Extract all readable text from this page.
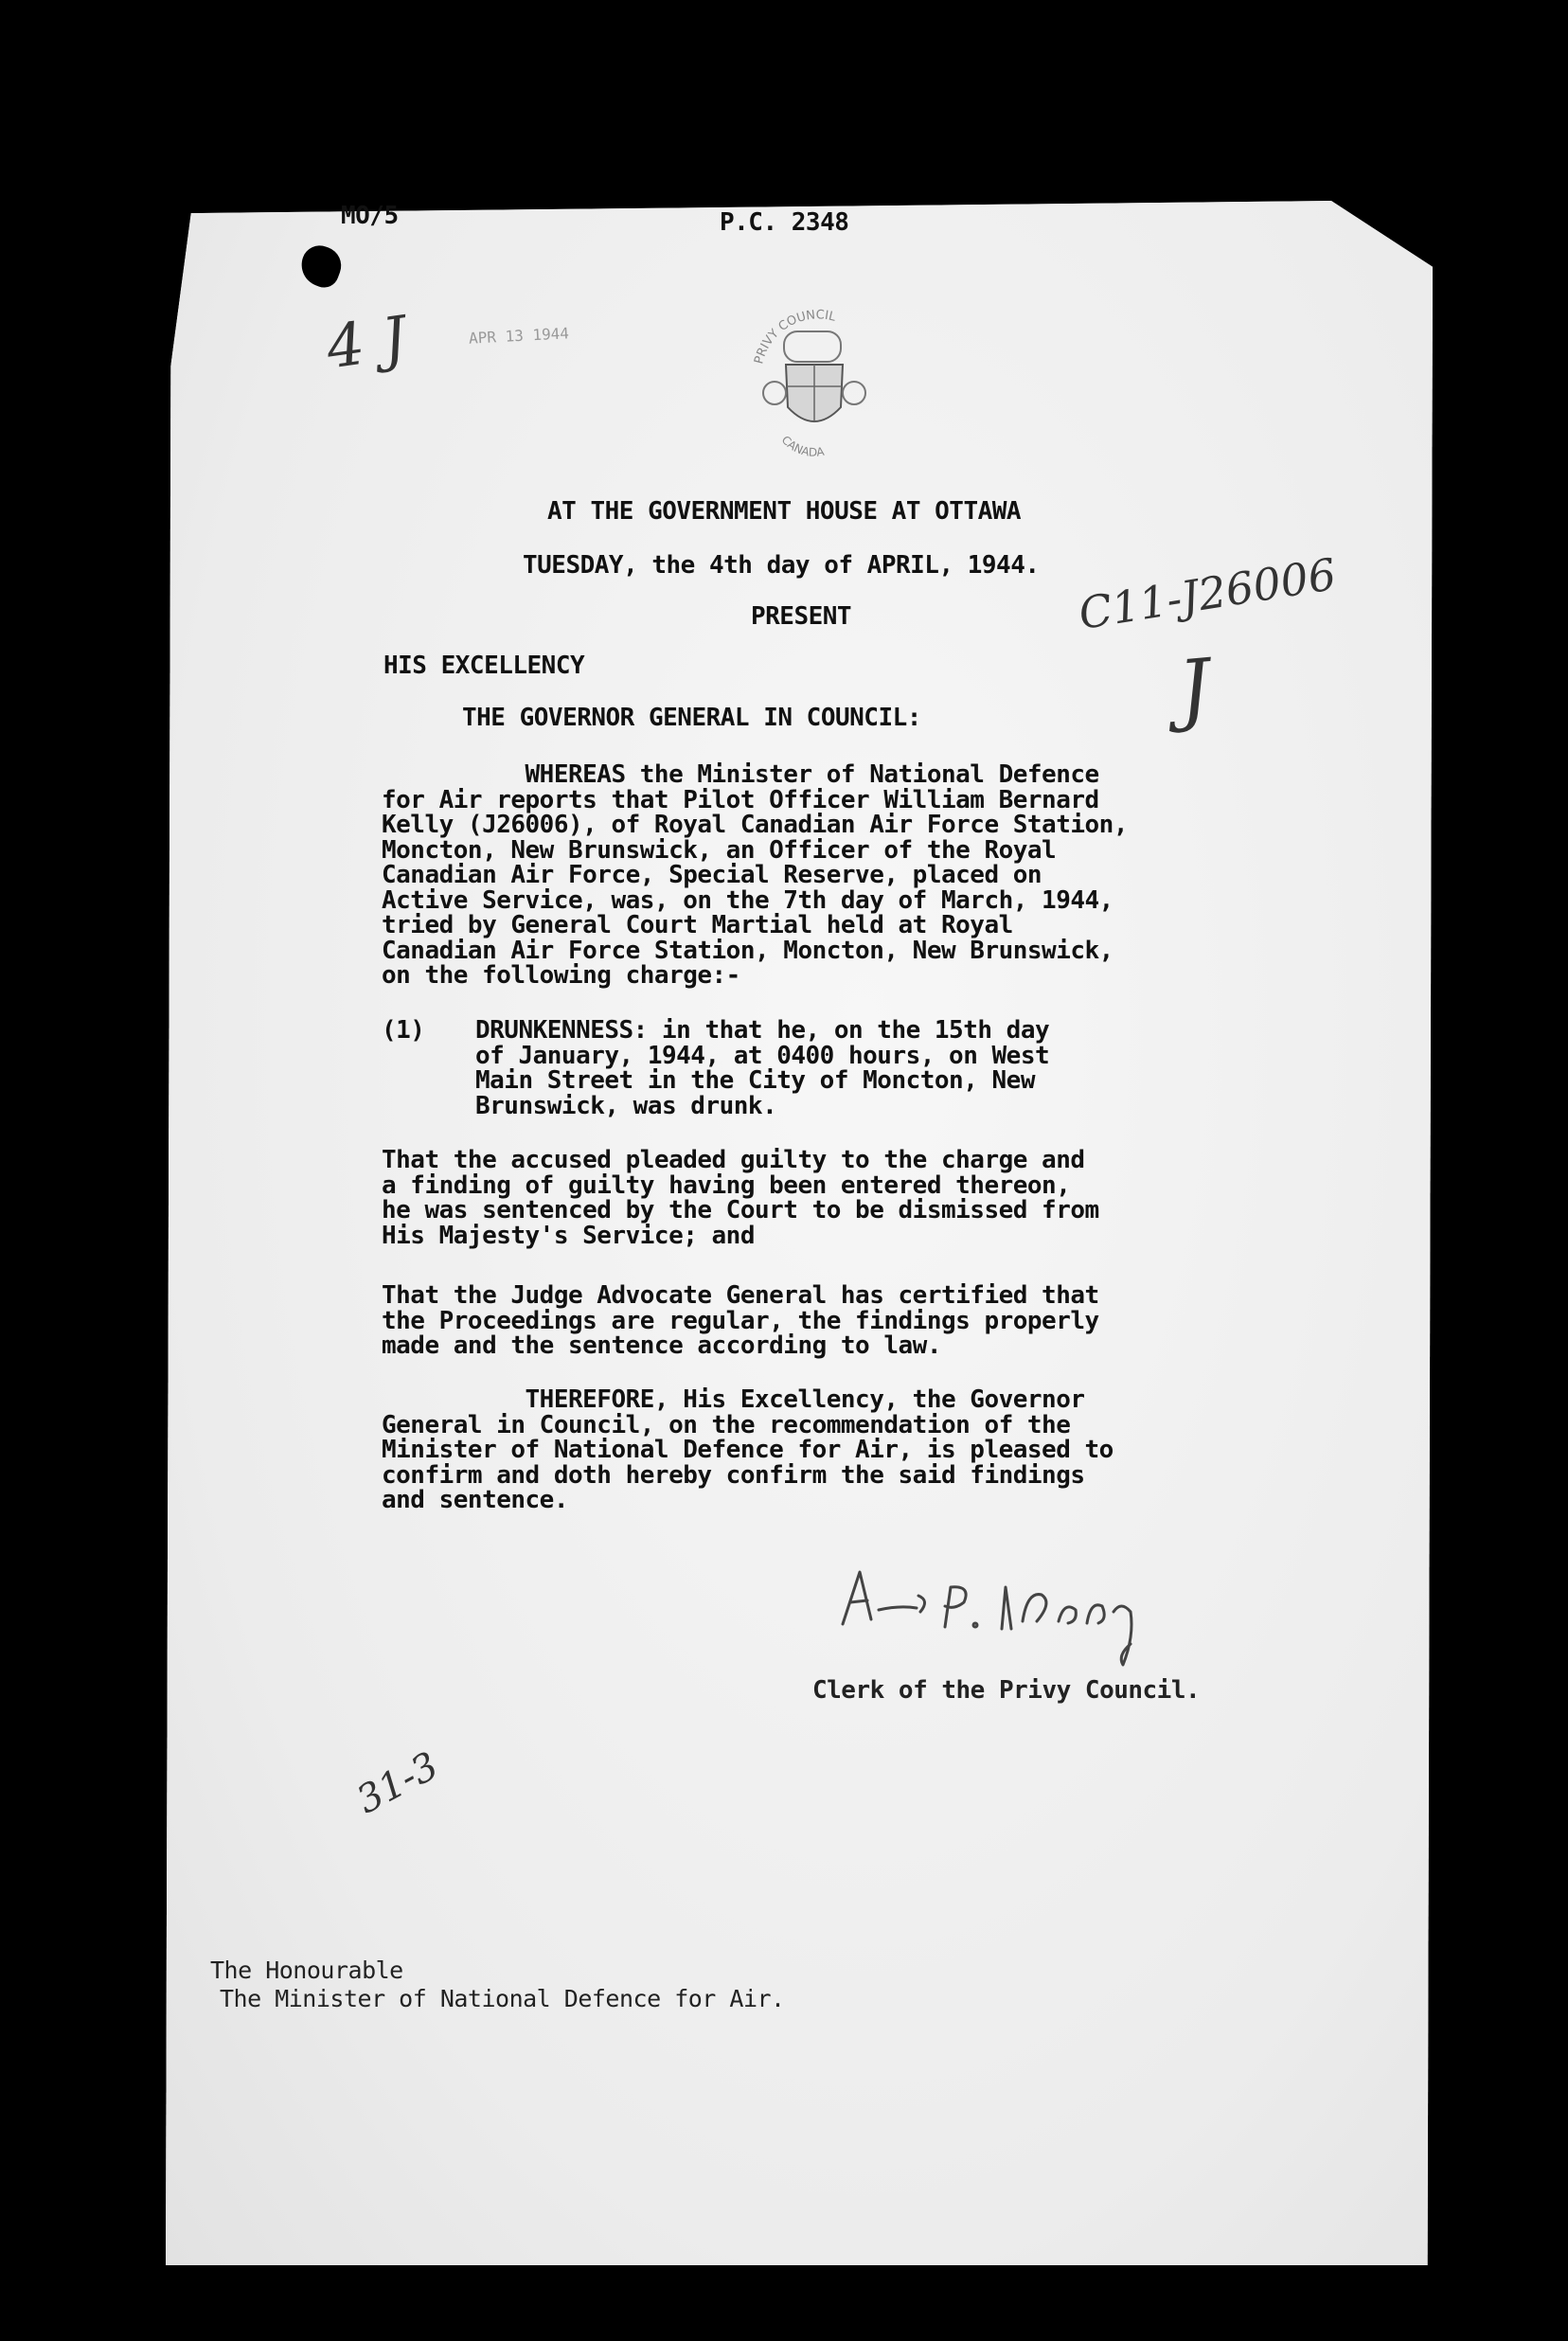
MO/5	P.C. 2348
4 J	APR 13 1944
PRIVY COUNCIL
CANADA
AT THE GOVERNMENT HOUSE AT OTTAWA
TUESDAY, the 4th day of APRIL, 1944.
PRESENT
HIS EXCELLENCY
THE GOVERNOR GENERAL IN COUNCIL:
C11-J26006
J
WHEREAS the Minister of National Defence
for Air reports that Pilot Officer William Bernard
Kelly (J26006), of Royal Canadian Air Force Station,
Moncton, New Brunswick, an Officer of the Royal
Canadian Air Force, Special Reserve, placed on
Active Service, was, on the 7th day of March, 1944,
tried by General Court Martial held at Royal
Canadian Air Force Station, Moncton, New Brunswick,
on the following charge:-
(1) DRUNKENNESS: in that he, on the 15th day
of January, 1944, at 0400 hours, on West
Main Street in the City of Moncton, New
Brunswick, was drunk.
That the accused pleaded guilty to the charge and
a finding of guilty having been entered thereon,
he was sentenced by the Court to be dismissed from
His Majesty's Service; and
That the Judge Advocate General has certified that
the Proceedings are regular, the findings properly
made and the sentence according to law.
THEREFORE, His Excellency, the Governor
General in Council, on the recommendation of the
Minister of National Defence for Air, is pleased to
confirm and doth hereby confirm the said findings
and sentence.
Clerk of the Privy Council.
31-3
The Honourable
The Minister of National Defence for Air.
